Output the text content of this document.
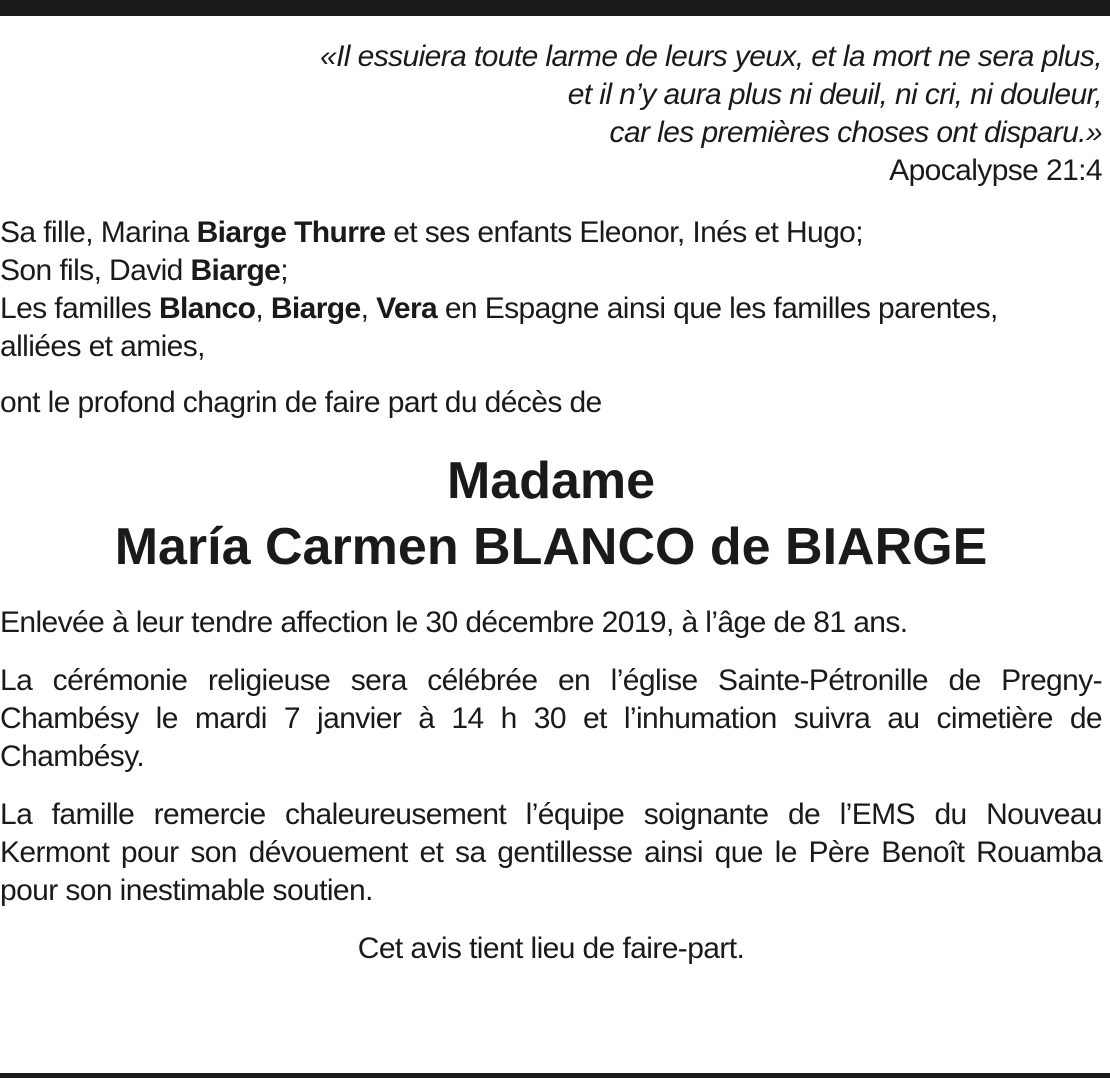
«Il essuiera toute larme de leurs yeux, et la mort ne sera plus,
et il n’y aura plus ni deuil, ni cri, ni douleur,
car les premières choses ont disparu.»
Apocalypse 21:4
Sa fille, Marina Biarge Thurre et ses enfants Eleonor, Inés et Hugo;
Son fils, David Biarge;
Les familles Blanco, Biarge, Vera en Espagne ainsi que les familles parentes,
alliées et amies,
ont le profond chagrin de faire part du décès de
Madame
María Carmen BLANCO de BIARGE
Enlevée à leur tendre affection le 30 décembre 2019, à l’âge de 81 ans.
La cérémonie religieuse sera célébrée en l’église Sainte-Pétronille de Pregny-Chambésy le mardi 7 janvier à 14 h 30 et l’inhumation suivra au cimetière de Chambésy.
La famille remercie chaleureusement l’équipe soignante de l’EMS du Nouveau Kermont pour son dévouement et sa gentillesse ainsi que le Père Benoît Rouamba pour son inestimable soutien.
Cet avis tient lieu de faire-part.
